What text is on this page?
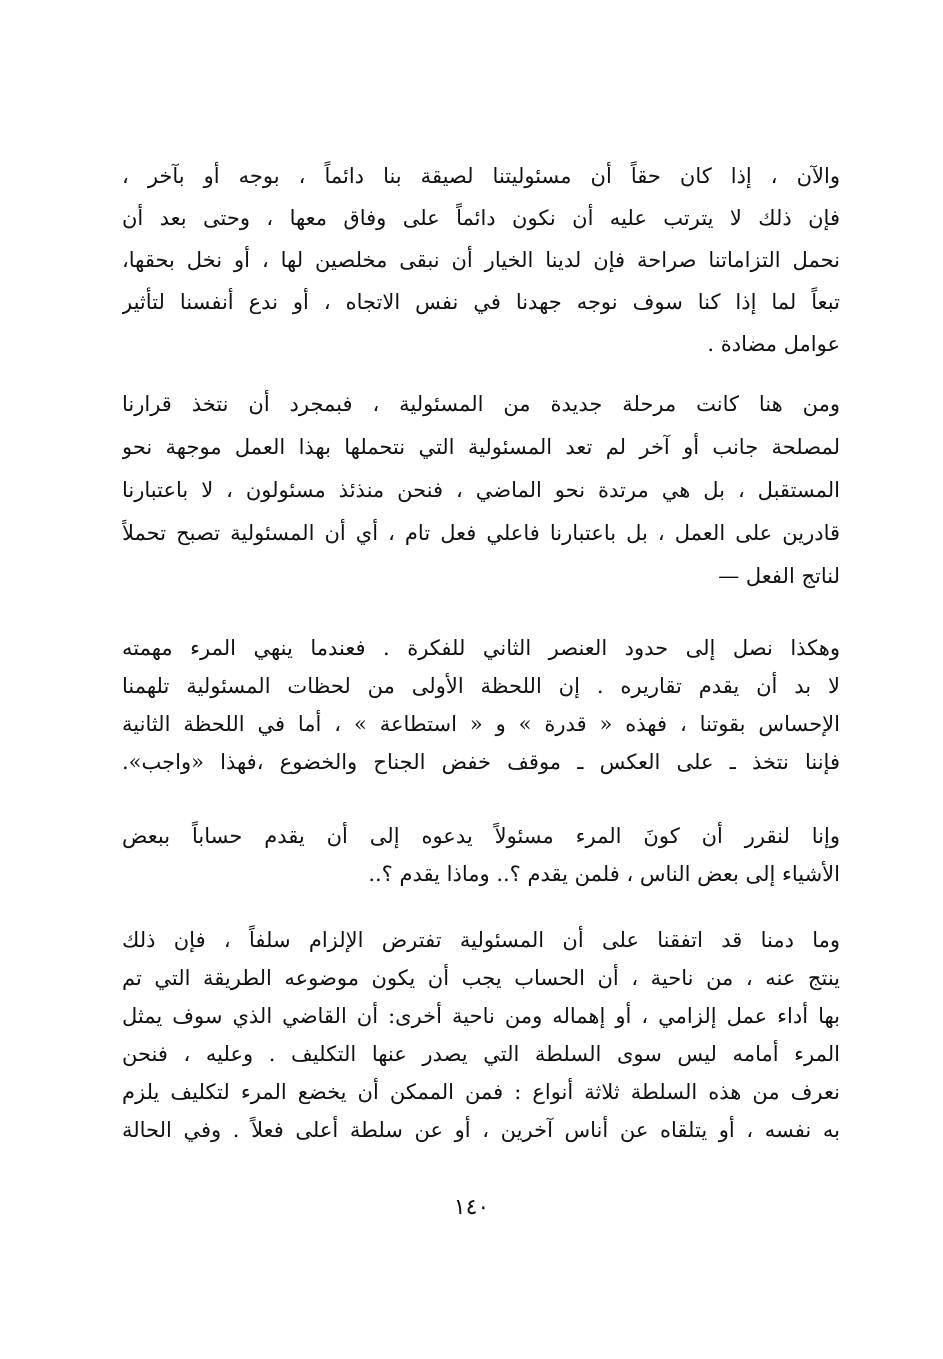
والآن ، إذا كان حقاً أن مسئوليتنا لصيقة بنا دائماً ، بوجه أو بآخر ،
فإن ذلك لا يترتب عليه أن نكون دائماً على وفاق معها ، وحتى بعد أن
نحمل التزاماتنا صراحة فإن لدينا الخيار أن نبقى مخلصين لها ، أو نخل بحقها،
تبعاً لما إذا كنا سوف نوجه جهدنا في نفس الاتجاه ، أو ندع أنفسنا لتأثير
عوامل مضادة .
ومن هنا كانت مرحلة جديدة من المسئولية ، فبمجرد أن نتخذ قرارنا
لمصلحة جانب أو آخر لم تعد المسئولية التي نتحملها بهذا العمل موجهة نحو
المستقبل ، بل هي مرتدة نحو الماضي ، فنحن منذئذ مسئولون ، لا باعتبارنا
قادرين على العمل ، بل باعتبارنا فاعلي فعل تام ، أي أن المسئولية تصبح تحملاً
لناتج الفعل —
وهكذا نصل إلى حدود العنصر الثاني للفكرة . فعندما ينهي المرء مهمته
لا بد أن يقدم تقاريره . إن اللحظة الأولى من لحظات المسئولية تلهمنا
الإحساس بقوتنا ، فهذه « قدرة » و « استطاعة » ، أما في اللحظة الثانية
فإننا نتخذ ـ على العكس ـ موقف خفض الجناح والخضوع ،فهذا «واجب».
وإنا لنقرر أن كونَ المرء مسئولاً يدعوه إلى أن يقدم حساباً ببعض
الأشياء إلى بعض الناس ، فلمن يقدم ؟.. وماذا يقدم ؟..
وما دمنا قد اتفقنا على أن المسئولية تفترض الإلزام سلفاً ، فإن ذلك
ينتج عنه ، من ناحية ، أن الحساب يجب أن يكون موضوعه الطريقة التي تم
بها أداء عمل إلزامي ، أو إهماله ومن ناحية أخرى: أن القاضي الذي سوف يمثل
المرء أمامه ليس سوى السلطة التي يصدر عنها التكليف . وعليه ، فنحن
نعرف من هذه السلطة ثلاثة أنواع : فمن الممكن أن يخضع المرء لتكليف يلزم
به نفسه ، أو يتلقاه عن أناس آخرين ، أو عن سلطة أعلى فعلاً . وفي الحالة
١٤٠
